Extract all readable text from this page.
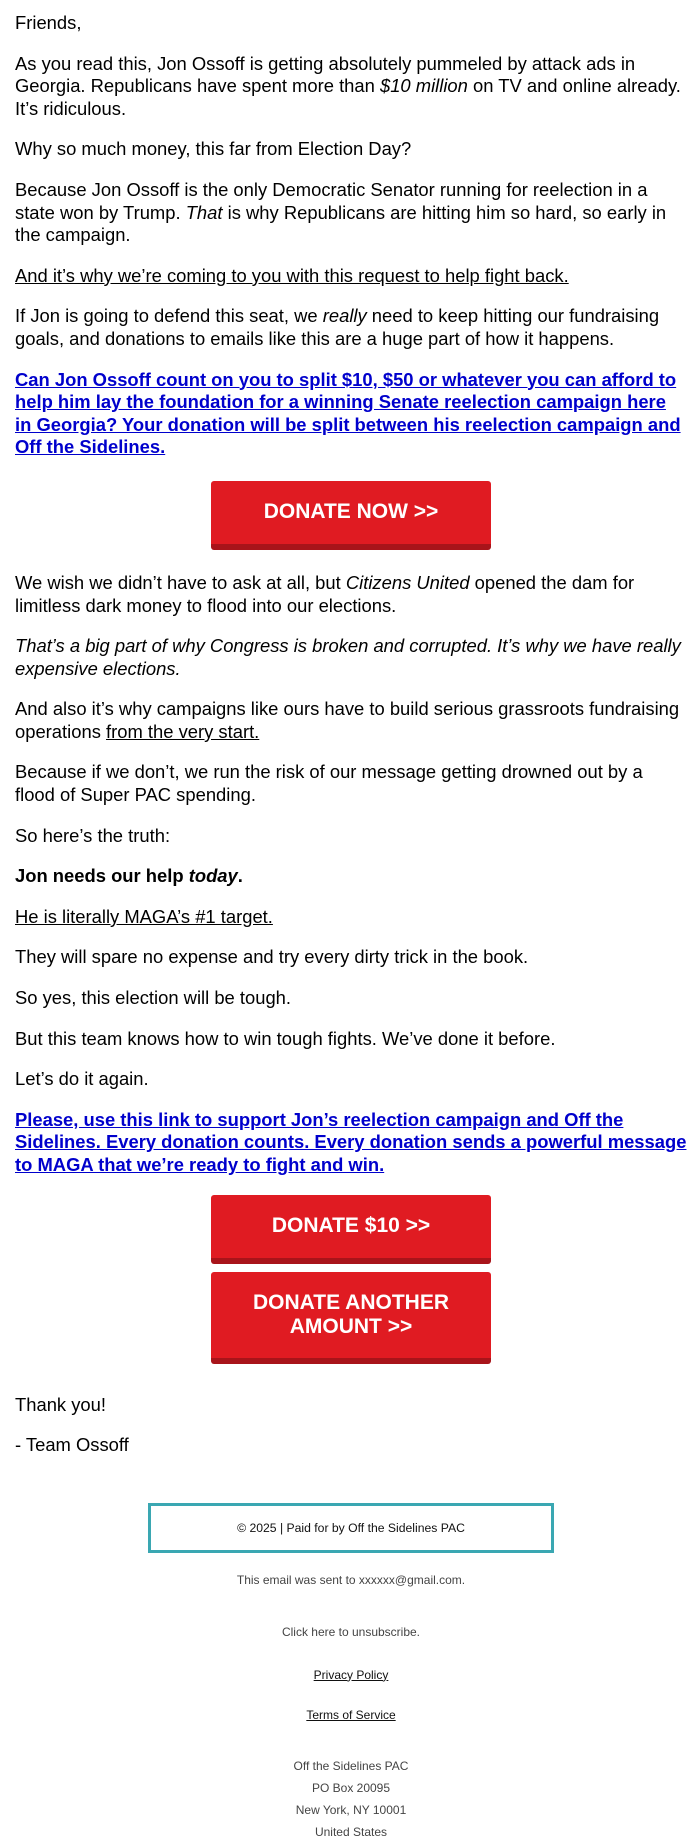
Friends,

As you read this, Jon Ossoff is getting absolutely pummeled by attack ads in Georgia. Republicans have spent more than $10 million on TV and online already. It’s ridiculous.

Why so much money, this far from Election Day?

Because Jon Ossoff is the only Democratic Senator running for reelection in a state won by Trump. That is why Republicans are hitting him so hard, so early in the campaign.

And it’s why we’re coming to you with this request to help fight back.

If Jon is going to defend this seat, we really need to keep hitting our fundraising goals, and donations to emails like this are a huge part of how it happens.

Can Jon Ossoff count on you to split $10, $50 or whatever you can afford to help him lay the foundation for a winning Senate reelection campaign here in Georgia? Your donation will be split between his reelection campaign and Off the Sidelines.

DONATE NOW >>

We wish we didn’t have to ask at all, but Citizens United opened the dam for limitless dark money to flood into our elections.

That’s a big part of why Congress is broken and corrupted. It’s why we have really expensive elections.

And also it’s why campaigns like ours have to build serious grassroots fundraising operations from the very start.

Because if we don’t, we run the risk of our message getting drowned out by a flood of Super PAC spending.

So here’s the truth:

Jon needs our help today.

He is literally MAGA’s #1 target.

They will spare no expense and try every dirty trick in the book.

So yes, this election will be tough.

But this team knows how to win tough fights. We’ve done it before.

Let’s do it again.

Please, use this link to support Jon’s reelection campaign and Off the Sidelines. Every donation counts. Every donation sends a powerful message to MAGA that we’re ready to fight and win.

DONATE $10 >>
DONATE ANOTHER AMOUNT >>

Thank you!

- Team Ossoff

© 2025 | Paid for by Off the Sidelines PAC

This email was sent to xxxxxx@gmail.com.

Click here to unsubscribe.

Privacy Policy

Terms of Service

Off the Sidelines PAC

PO Box 20095

New York, NY 10001

United States
